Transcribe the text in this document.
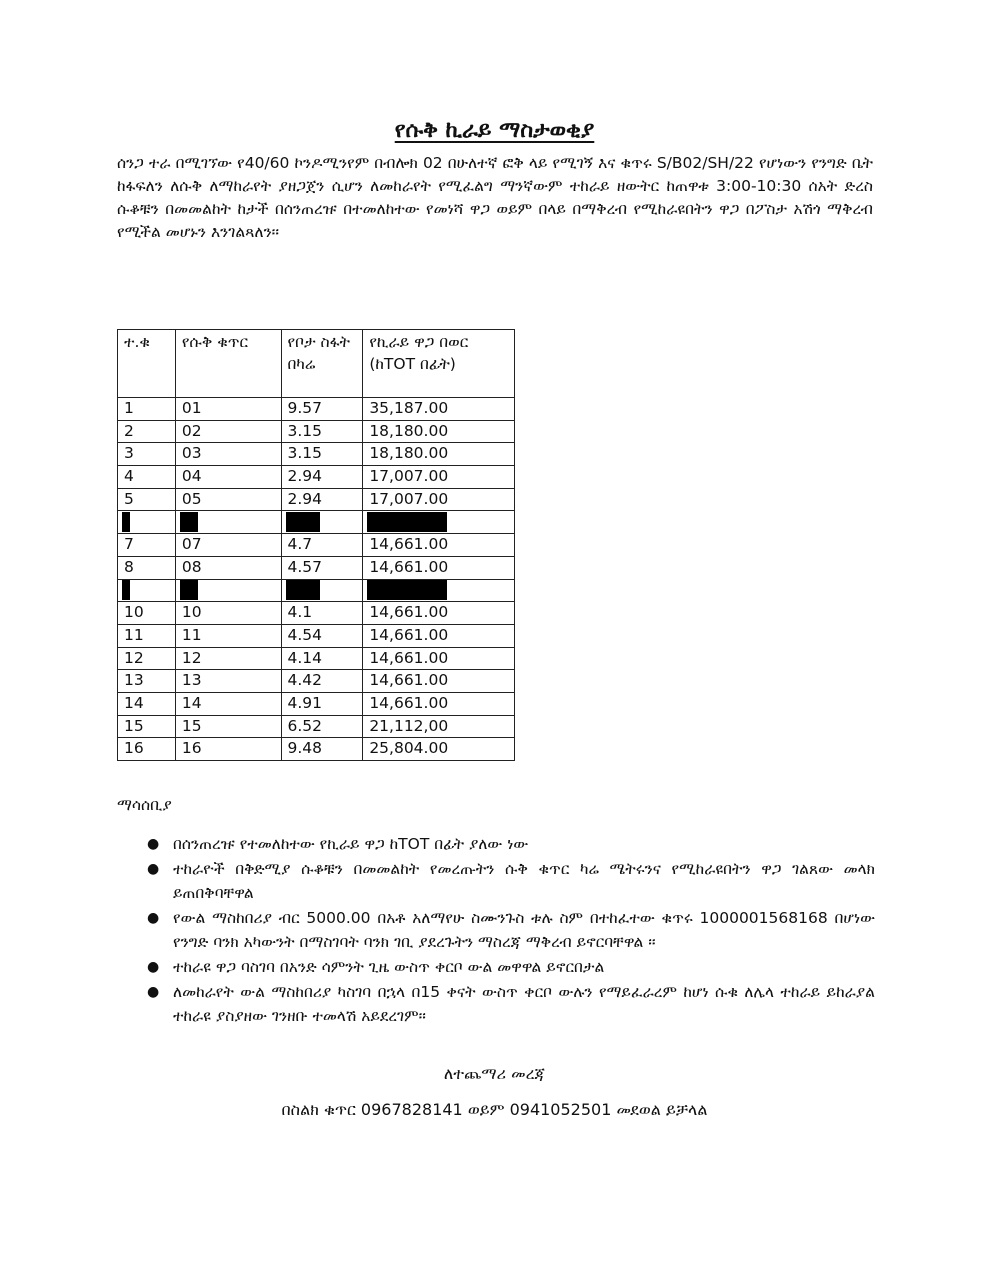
የሱቅ ኪራይ ማስታወቂያ

ሰንጋ ተራ በሚገኘው የ40/60 ኮንዶሚንየም በብሎክ 02 በሁለተኛ ፎቅ ላይ የሚገኝ እና ቁጥሩ S/B02/SH/22 የሆነውን የንግድ ቤት ከፋፍለን ለሱቅ ለማከራየት ያዘጋጀን ሲሆን ለመከራየት የሚፈልግ ማንኛውም ተከራይ ዘውትር ከጠዋቱ 3:00-10:30 ሰአት ድረስ ሱቆቹን በመመልከት ከታች በሰንጠረዡ በተመለከተው የመነሻ ዋጋ ወይም በላይ በማቅረብ የሚከራዩበትን ዋጋ በፖስታ አሽጎ ማቅረብ የሚችል መሆኑን እንገልጻለን፡፡

ተ.ቁ	የሱቅ ቁጥር	የቦታ ስፋት በካሬ	የኪራይ ዋጋ በወር (ከTOT በፊት)
1	01	9.57	35,187.00
2	02	3.15	18,180.00
3	03	3.15	18,180.00
4	04	2.94	17,007.00
5	05	2.94	17,007.00

7	07	4.7	14,661.00
8	08	4.57	14,661.00

10	10	4.1	14,661.00
11	11	4.54	14,661.00
12	12	4.14	14,661.00
13	13	4.42	14,661.00
14	14	4.91	14,661.00
15	15	6.52	21,112,00
16	16	9.48	25,804.00

ማሳሰቢያ

● በሰንጠረዡ የተመለከተው የኪራይ ዋጋ ከTOT በፊት ያለው ነው
● ተከራዮች በቅድሚያ ሱቆቹን በመመልከት የመረጡትን ሱቅ ቁጥር ካሬ ሜትሩንና የሚከራዩበትን ዋጋ ገልጸው መላክ ይጠበቅባቸዋል
● የውል ማስከበሪያ ብር 5000.00 በአቶ አለማየሁ ስሙንጉስ ቱሉ ስም በተከፈተው ቁጥሩ 1000001568168 በሆነው የንግድ ባንክ አካውንት በማስገባት ባንክ ገቢ ያደረጉትን ማስረጃ ማቅረብ ይኖርባቸዋል ፡፡
● ተከራዩ ዋጋ ባስገባ በአንድ ሳምንት ጊዜ ውስጥ ቀርቦ ውል መዋዋል ይኖርበታል
● ለመከራየት ውል ማስከበሪያ ካስገባ በኋላ በ15 ቀናት ውስጥ ቀርቦ ውሉን የማይፈራረም ከሆነ ሱቁ ለሌላ ተከራይ ይከራያል ተከራዩ ያስያዘው ገንዘቡ ተመላሽ አይደረገም፡፡
ለተጨማሪ መረጃ
በስልክ ቁጥር 0967828141 ወይም 0941052501 መደወል ይቻላል
